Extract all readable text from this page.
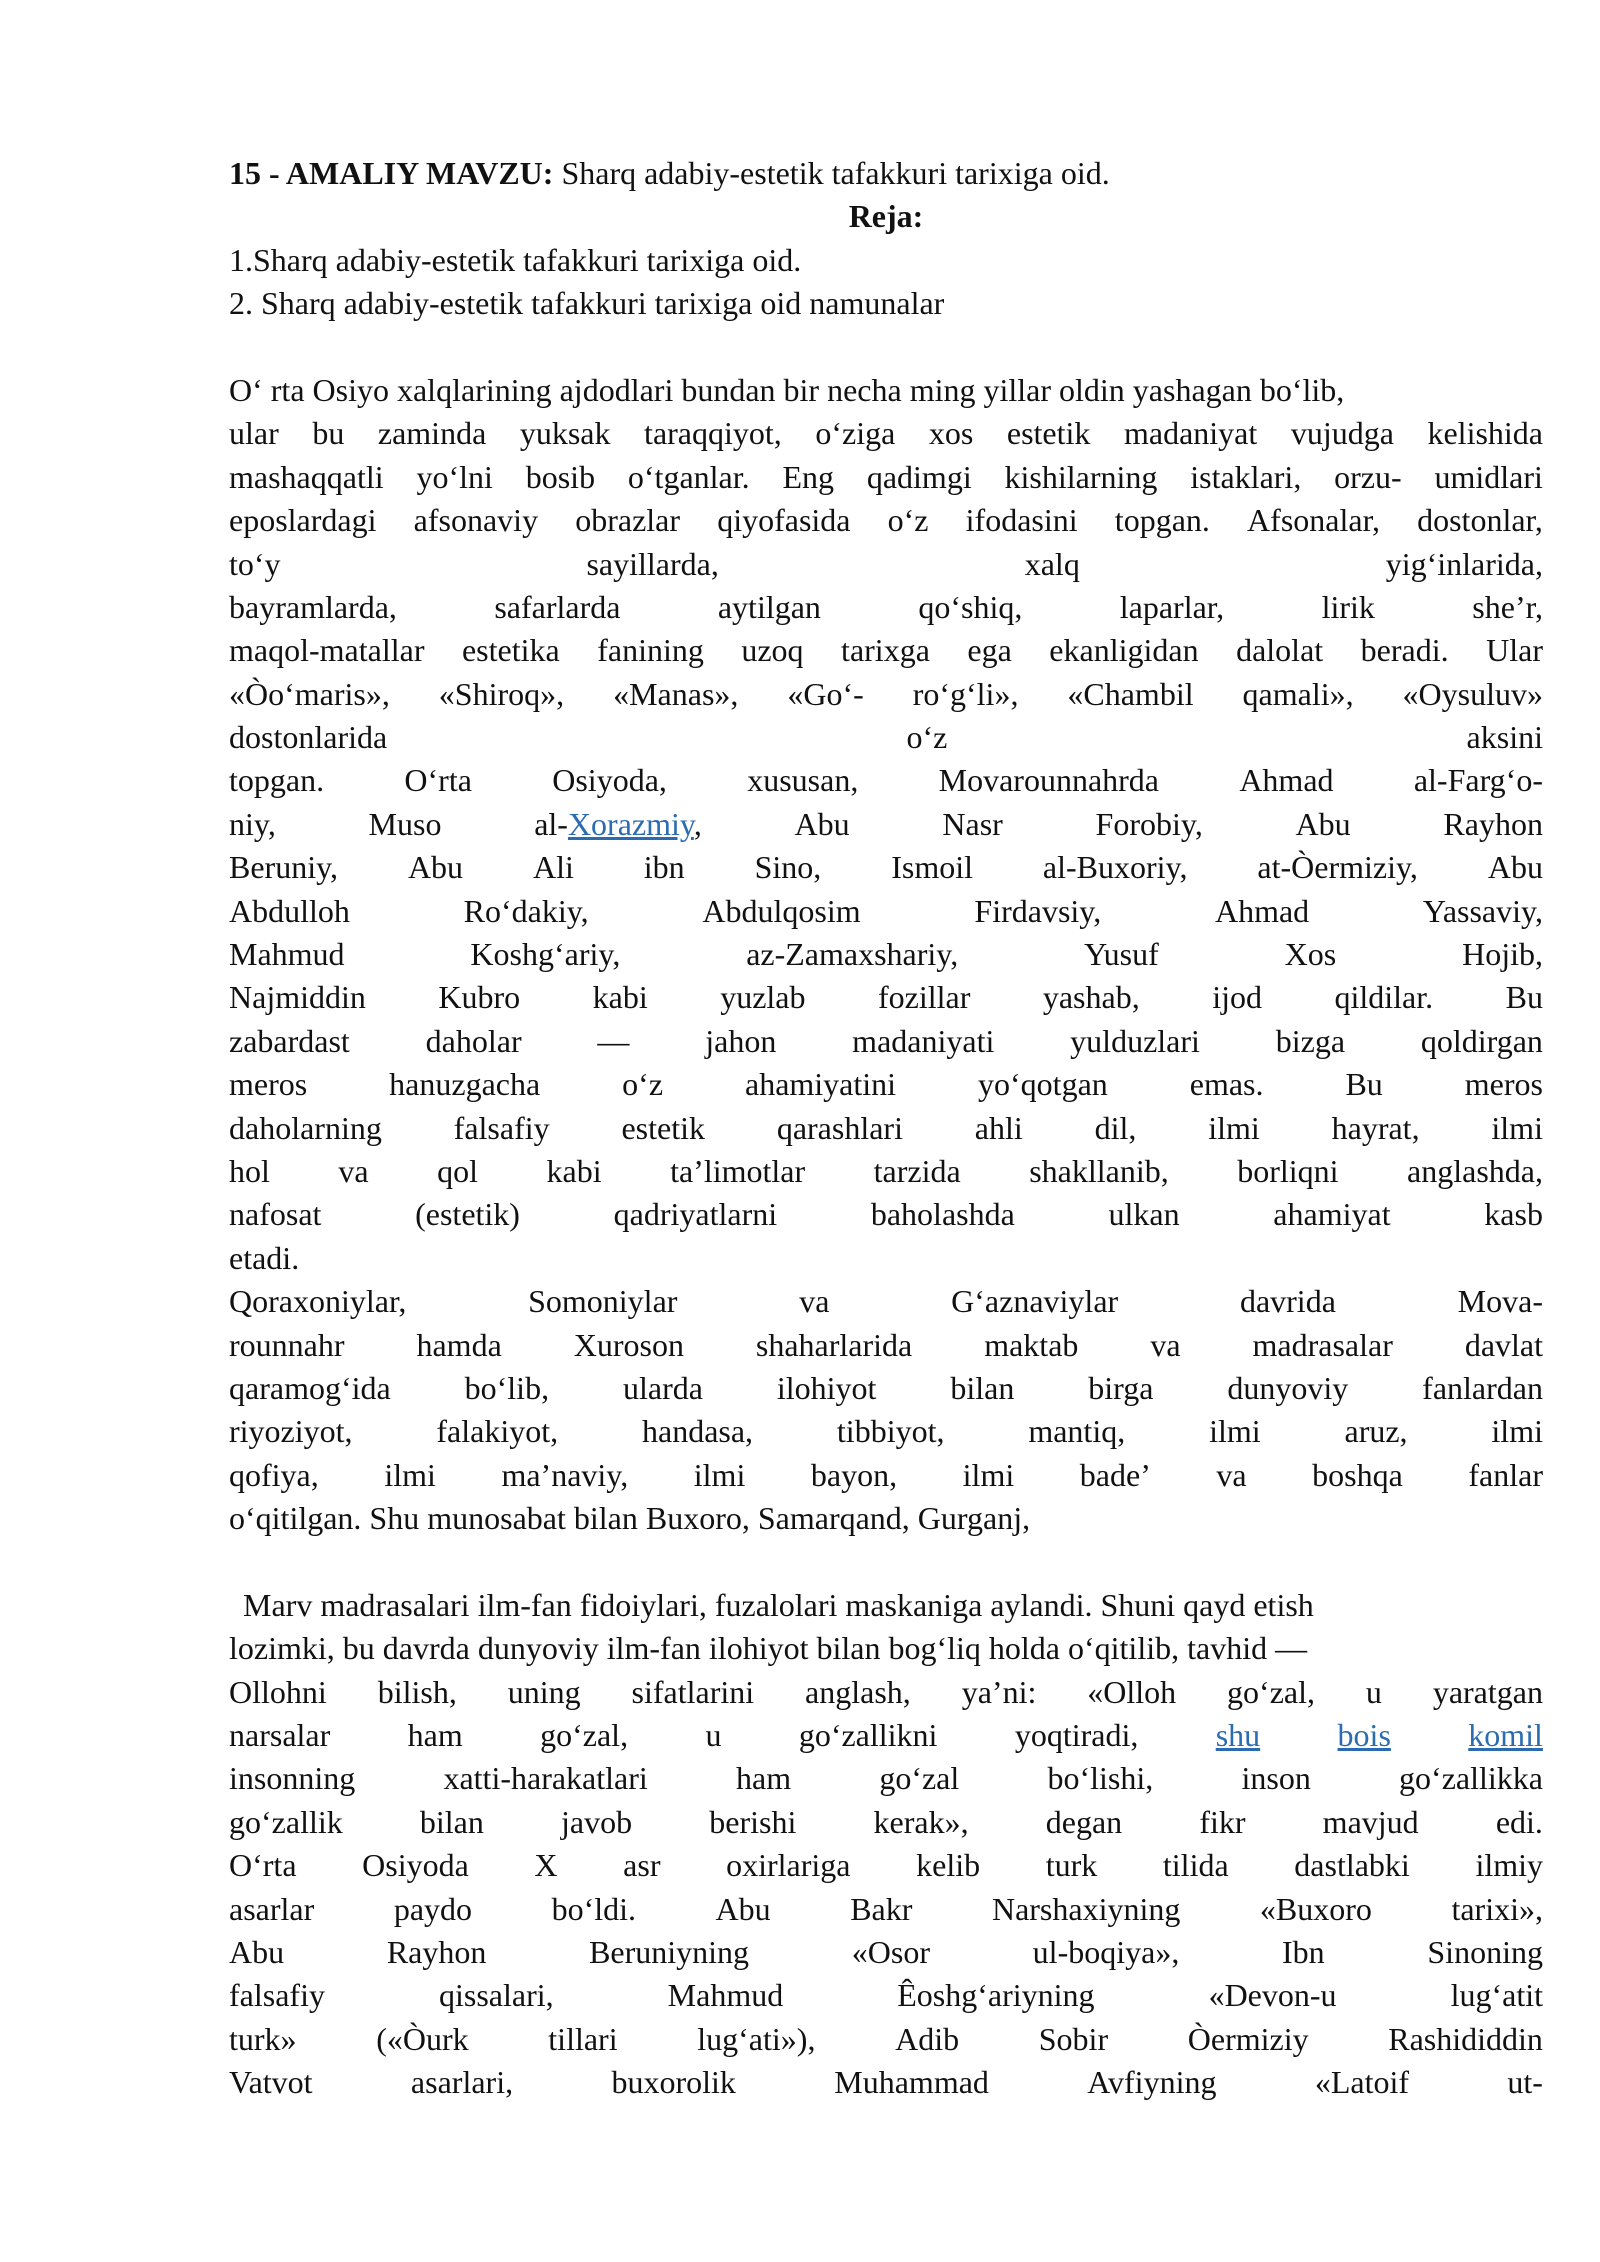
15 - AMALIY MAVZU: Sharq adabiy-estetik tafakkuri tarixiga oid.
Reja:
1.Sharq adabiy-estetik tafakkuri tarixiga oid.
2. Sharq adabiy-estetik tafakkuri tarixiga oid namunalar
O‘ rta Osiyo xalqlarining ajdodlari bundan bir necha ming yillar oldin yashagan bo‘lib,
ular bu zaminda yuksak taraqqiyot, o‘ziga xos estetik madaniyat vujudga kelishida
mashaqqatli yo‘lni bosib o‘tganlar. Eng qadimgi kishilarning istaklari, orzu- umidlari
eposlardagi afsonaviy obrazlar qiyofasida o‘z ifodasini topgan. Afsonalar, dostonlar,
to‘y	sayillarda,	xalq	yig‘inlarida,
bayramlarda,	safarlarda	aytilgan	qo‘shiq,	laparlar,	lirik	she’r,
maqol-matallar estetika fanining uzoq tarixga ega ekanligidan dalolat beradi. Ular
«Òo‘maris», «Shiroq», «Manas», «Go‘- ro‘g‘li», «Chambil qamali», «Oysuluv»
dostonlarida	o‘z	aksini
topgan.	O‘rta	Osiyoda,	xususan,	Movarounnahrda	Ahmad	al-Farg‘o-
niy,	Muso	al-Xorazmiy,	Abu	Nasr	Forobiy,	Abu	Rayhon
Beruniy, Abu Ali ibn Sino, Ismoil al-Buxoriy, at-Òermiziy, Abu
Abdulloh	Ro‘dakiy,	Abdulqosim	Firdavsiy,	Ahmad	Yassaviy,
Mahmud	Koshg‘ariy,	az-Zamaxshariy,	Yusuf	Xos	Hojib,
Najmiddin Kubro kabi yuzlab fozillar yashab, ijod qildilar. Bu
zabardast daholar — jahon madaniyati yulduzlari bizga qoldirgan
meros	hanuzgacha	o‘z	ahamiyatini	yo‘qotgan	emas.	Bu	meros
daholarning falsafiy estetik qarashlari ahli dil, ilmi hayrat, ilmi
hol va qol kabi ta’limotlar tarzida shakllanib, borliqni anglashda,
nafosat	(estetik)	qadriyatlarni	baholashda	ulkan	ahamiyat	kasb
etadi.
Qoraxoniylar,	Somoniylar	va	G‘aznaviylar	davrida	Mova-
rounnahr hamda Xuroson shaharlarida maktab va madrasalar davlat
qaramog‘ida bo‘lib, ularda ilohiyot bilan birga dunyoviy fanlardan
riyoziyot,	falakiyot,	handasa,	tibbiyot,	mantiq,	ilmi	aruz,	ilmi
qofiya, ilmi ma’naviy, ilmi bayon, ilmi bade’ va boshqa fanlar
o‘qitilgan. Shu munosabat bilan Buxoro, Samarqand, Gurganj,
Marv madrasalari ilm-fan fidoiylari, fuzalolari maskaniga aylandi. Shuni qayd etish
lozimki, bu davrda dunyoviy ilm-fan ilohiyot bilan bog‘liq holda o‘qitilib, tavhid —
Ollohni bilish, uning sifatlarini anglash, ya’ni: «Olloh go‘zal, u yaratgan
narsalar ham go‘zal, u go‘zallikni yoqtiradi, shu bois komil
insonning	xatti-harakatlari	ham	go‘zal	bo‘lishi,	inson	go‘zallikka
go‘zallik bilan javob berishi kerak», degan fikr mavjud edi.
O‘rta Osiyoda X asr oxirlariga kelib turk tilida dastlabki ilmiy
asarlar paydo bo‘ldi. Abu Bakr Narshaxiyning «Buxoro tarixi»,
Abu	Rayhon	Beruniyning	«Osor	ul-boqiya»,	Ibn	Sinoning
falsafiy	qissalari,	Mahmud	Êoshg‘ariyning	«Devon-u	lug‘atit
turk» («Òurk tillari lug‘ati»), Adib Sobir Òermiziy Rashididdin
Vatvot	asarlari,	buxorolik	Muhammad	Avfiyning	«Latoif	ut-
